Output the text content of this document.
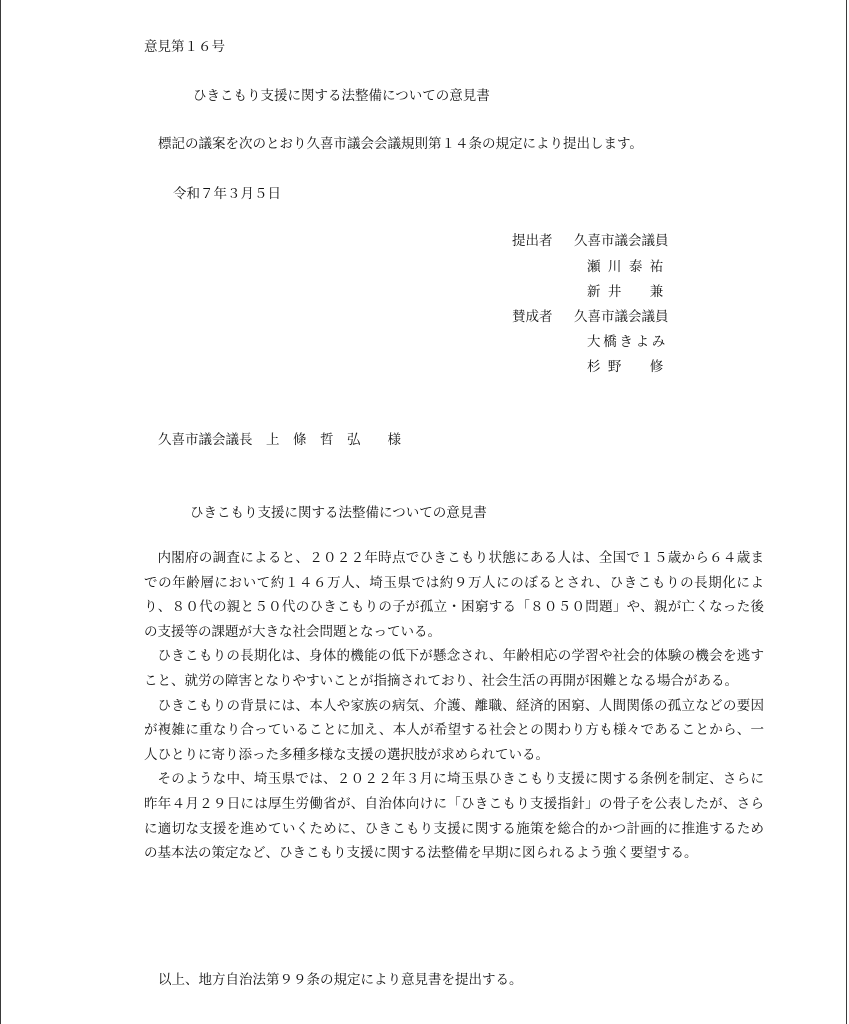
意見第１６号
ひきこもり支援に関する法整備についての意見書
標記の議案を次のとおり久喜市議会会議規則第１４条の規定により提出します。
令和７年３月５日
提出者 久喜市議会議員
瀬川泰祐
新井　兼
賛成者 久喜市議会議員
大橋きよみ
杉野　修
久喜市議会議長　上　條　哲　弘　　様
ひきこもり支援に関する法整備についての意見書

内閣府の調査によると、２０２２年時点でひきこもり状態にある人は、全国で１５歳から６４歳までの年齢層において約１４６万人、埼玉県では約９万人にのぼるとされ、ひきこもりの長期化により、８０代の親と５０代のひきこもりの子が孤立・困窮する「８０５０問題」や、親が亡くなった後の支援等の課題が大きな社会問題となっている。

ひきこもりの長期化は、身体的機能の低下が懸念され、年齢相応の学習や社会的体験の機会を逃すこと、就労の障害となりやすいことが指摘されており、社会生活の再開が困難となる場合がある。

ひきこもりの背景には、本人や家族の病気、介護、離職、経済的困窮、人間関係の孤立などの要因が複雑に重なり合っていることに加え、本人が希望する社会との関わり方も様々であることから、一人ひとりに寄り添った多種多様な支援の選択肢が求められている。

そのような中、埼玉県では、２０２２年３月に埼玉県ひきこもり支援に関する条例を制定、さらに昨年４月２９日には厚生労働省が、自治体向けに「ひきこもり支援指針」の骨子を公表したが、さらに適切な支援を進めていくために、ひきこもり支援に関する施策を総合的かつ計画的に推進するための基本法の策定など、ひきこもり支援に関する法整備を早期に図られるよう強く要望する。

以上、地方自治法第９９条の規定により意見書を提出する。
